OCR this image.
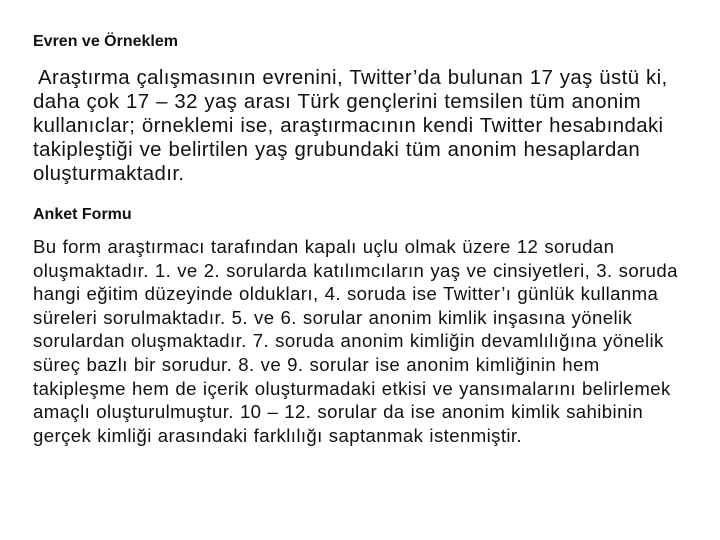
Evren ve Örneklem

Araştırma çalışmasının evrenini, Twitter’da bulunan 17 yaş üstü ki, daha çok 17 – 32 yaş arası Türk gençlerini temsilen tüm anonim kullanıclar; örneklemi ise, araştırmacının kendi Twitter hesabındaki takipleştiği ve belirtilen yaş grubundaki tüm anonim hesaplardan oluşturmaktadır.

Anket Formu

Bu form araştırmacı tarafından kapalı uçlu olmak üzere 12 sorudan oluşmaktadır. 1. ve 2. sorularda katılımcıların yaş ve cinsiyetleri, 3. soruda hangi eğitim düzeyinde oldukları, 4. soruda ise Twitter’ı günlük kullanma süreleri sorulmaktadır. 5. ve 6. sorular anonim kimlik inşasına yönelik sorulardan oluşmaktadır. 7. soruda anonim kimliğin devamlılığına yönelik süreç bazlı bir sorudur. 8. ve 9. sorular ise anonim kimliğinin hem takipleşme hem de içerik oluşturmadaki etkisi ve yansımalarını belirlemek amaçlı oluşturulmuştur. 10 – 12. sorular da ise anonim kimlik sahibinin gerçek kimliği arasındaki farklılığı saptanmak istenmiştir.
